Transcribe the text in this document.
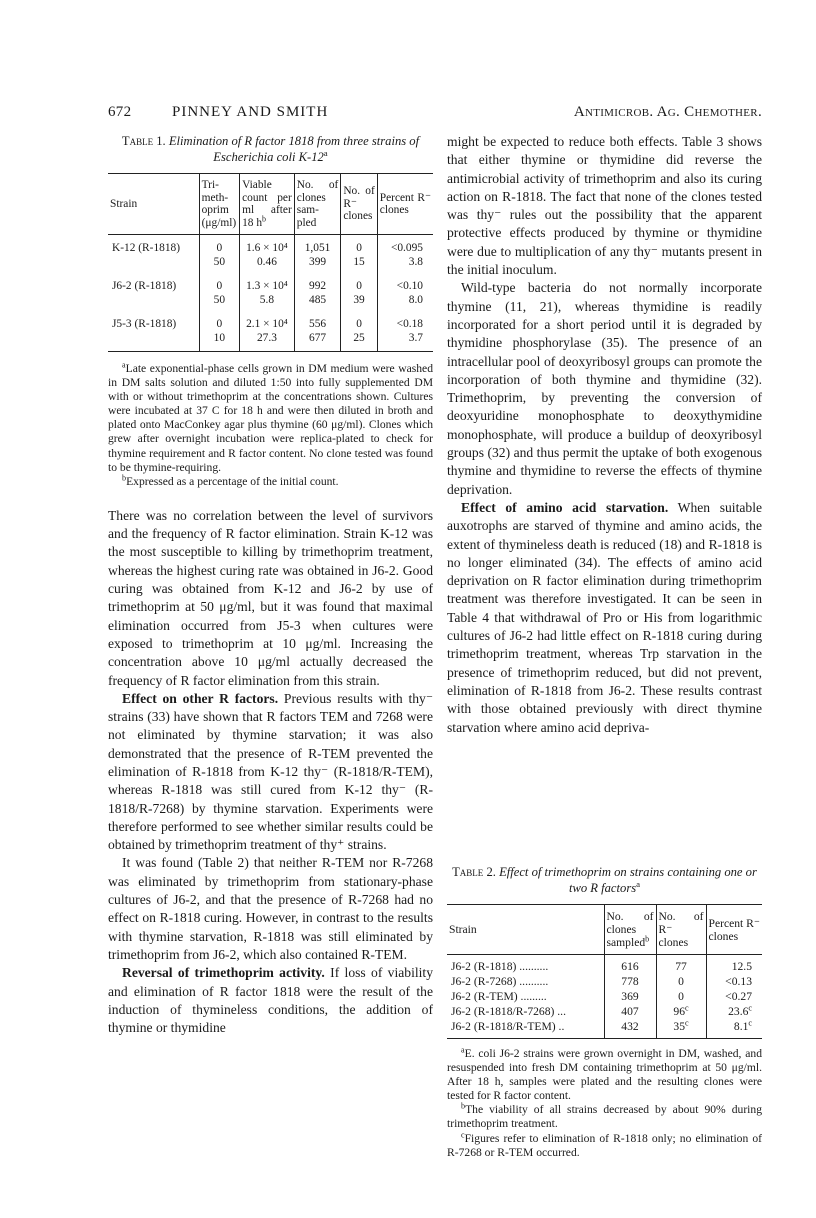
672	PINNEY AND SMITH	Antimicrob. Ag. Chemother.

Table 1. Elimination of R factor 1818 from three strains of Escherichia coli K-12$^a$

Strain	Tri-meth-oprim (μg/ml)	Viable count per ml after 18 $h^b$	No. of clones sam-pled	No. of R⁻ clones	Percent R⁻ clones
K-12 (R-1818)	0	1.6 × 10⁴	1,051	0	<0.095
	50	0.46	399	15	3.8

J6-2 (R-1818)	0	1.3 × 10⁴	992	0	<0.10
	50	5.8	485	39	8.0

J5-3 (R-1818)	0	2.1 × 10⁴	556	0	<0.18
	10	27.3	677	25	3.7

$^a$Late exponential-phase cells grown in DM medium were washed in DM salts solution and diluted 1:50 into fully supplemented DM with or without trimethoprim at the concentrations shown. Cultures were incubated at 37 C for 18 h and were then diluted in broth and plated onto MacConkey agar plus thymine (60 μg/ml). Clones which grew after overnight incubation were replica-plated to check for thymine requirement and R factor content. No clone tested was found to be thymine-requiring.

$^b$Expressed as a percentage of the initial count.

There was no correlation between the level of survivors and the frequency of R factor elimination. Strain K-12 was the most susceptible to killing by trimethoprim treatment, whereas the highest curing rate was obtained in J6-2. Good curing was obtained from K-12 and J6-2 by use of trimethoprim at 50 μg/ml, but it was found that maximal elimination occurred from J5-3 when cultures were exposed to trimethoprim at 10 μg/ml. Increasing the concentration above 10 μg/ml actually decreased the frequency of R factor elimination from this strain.

Effect on other R factors. Previous results with thy⁻ strains (33) have shown that R factors TEM and 7268 were not eliminated by thymine starvation; it was also demonstrated that the presence of R-TEM prevented the elimination of R-1818 from K-12 thy⁻ (R-1818/R-TEM), whereas R-1818 was still cured from K-12 thy⁻ (R-1818/R-7268) by thymine starvation. Experiments were therefore performed to see whether similar results could be obtained by trimethoprim treatment of thy⁺ strains.

It was found (Table 2) that neither R-TEM nor R-7268 was eliminated by trimethoprim from stationary-phase cultures of J6-2, and that the presence of R-7268 had no effect on R-1818 curing. However, in contrast to the results with thymine starvation, R-1818 was still eliminated by trimethoprim from J6-2, which also contained R-TEM.

Reversal of trimethoprim activity. If loss of viability and elimination of R factor 1818 were the result of the induction of thymineless conditions, the addition of thymine or thymidine

might be expected to reduce both effects. Table 3 shows that either thymine or thymidine did reverse the antimicrobial activity of trimethoprim and also its curing action on R-1818. The fact that none of the clones tested was thy⁻ rules out the possibility that the apparent protective effects produced by thymine or thymidine were due to multiplication of any thy⁻ mutants present in the initial inoculum.

Wild-type bacteria do not normally incorporate thymine (11, 21), whereas thymidine is readily incorporated for a short period until it is degraded by thymidine phosphorylase (35). The presence of an intracellular pool of deoxyribosyl groups can promote the incorporation of both thymine and thymidine (32). Trimethoprim, by preventing the conversion of deoxyuridine monophosphate to deoxythymidine monophosphate, will produce a buildup of deoxyribosyl groups (32) and thus permit the uptake of both exogenous thymine and thymidine to reverse the effects of thymine deprivation.

Effect of amino acid starvation. When suitable auxotrophs are starved of thymine and amino acids, the extent of thymineless death is reduced (18) and R-1818 is no longer eliminated (34). The effects of amino acid deprivation on R factor elimination during trimethoprim treatment was therefore investigated. It can be seen in Table 4 that withdrawal of Pro or His from logarithmic cultures of J6-2 had little effect on R-1818 curing during trimethoprim treatment, whereas Trp starvation in the presence of trimethoprim reduced, but did not prevent, elimination of R-1818 from J6-2. These results contrast with those obtained previously with direct thymine starvation where amino acid depriva-

Table 2. Effect of trimethoprim on strains containing one or two R factors$^a$

Strain	No. of clones sampled$^b$	No. of R⁻ clones	Percent R⁻ clones
J6-2 (R-1818) ..........	616	77	12.5
J6-2 (R-7268) ..........	778	0	<0.13
J6-2 (R-TEM) .........	369	0	<0.27
J6-2 (R-1818/R-7268) ...	407	96$^c$	23.6$^c$
J6-2 (R-1818/R-TEM) ..	432	35$^c$	8.1$^c$

$^a$E. coli J6-2 strains were grown overnight in DM, washed, and resuspended into fresh DM containing trimethoprim at 50 μg/ml. After 18 h, samples were plated and the resulting clones were tested for R factor content.

$^b$The viability of all strains decreased by about 90% during trimethoprim treatment.

$^c$Figures refer to elimination of R-1818 only; no elimination of R-7268 or R-TEM occurred.
